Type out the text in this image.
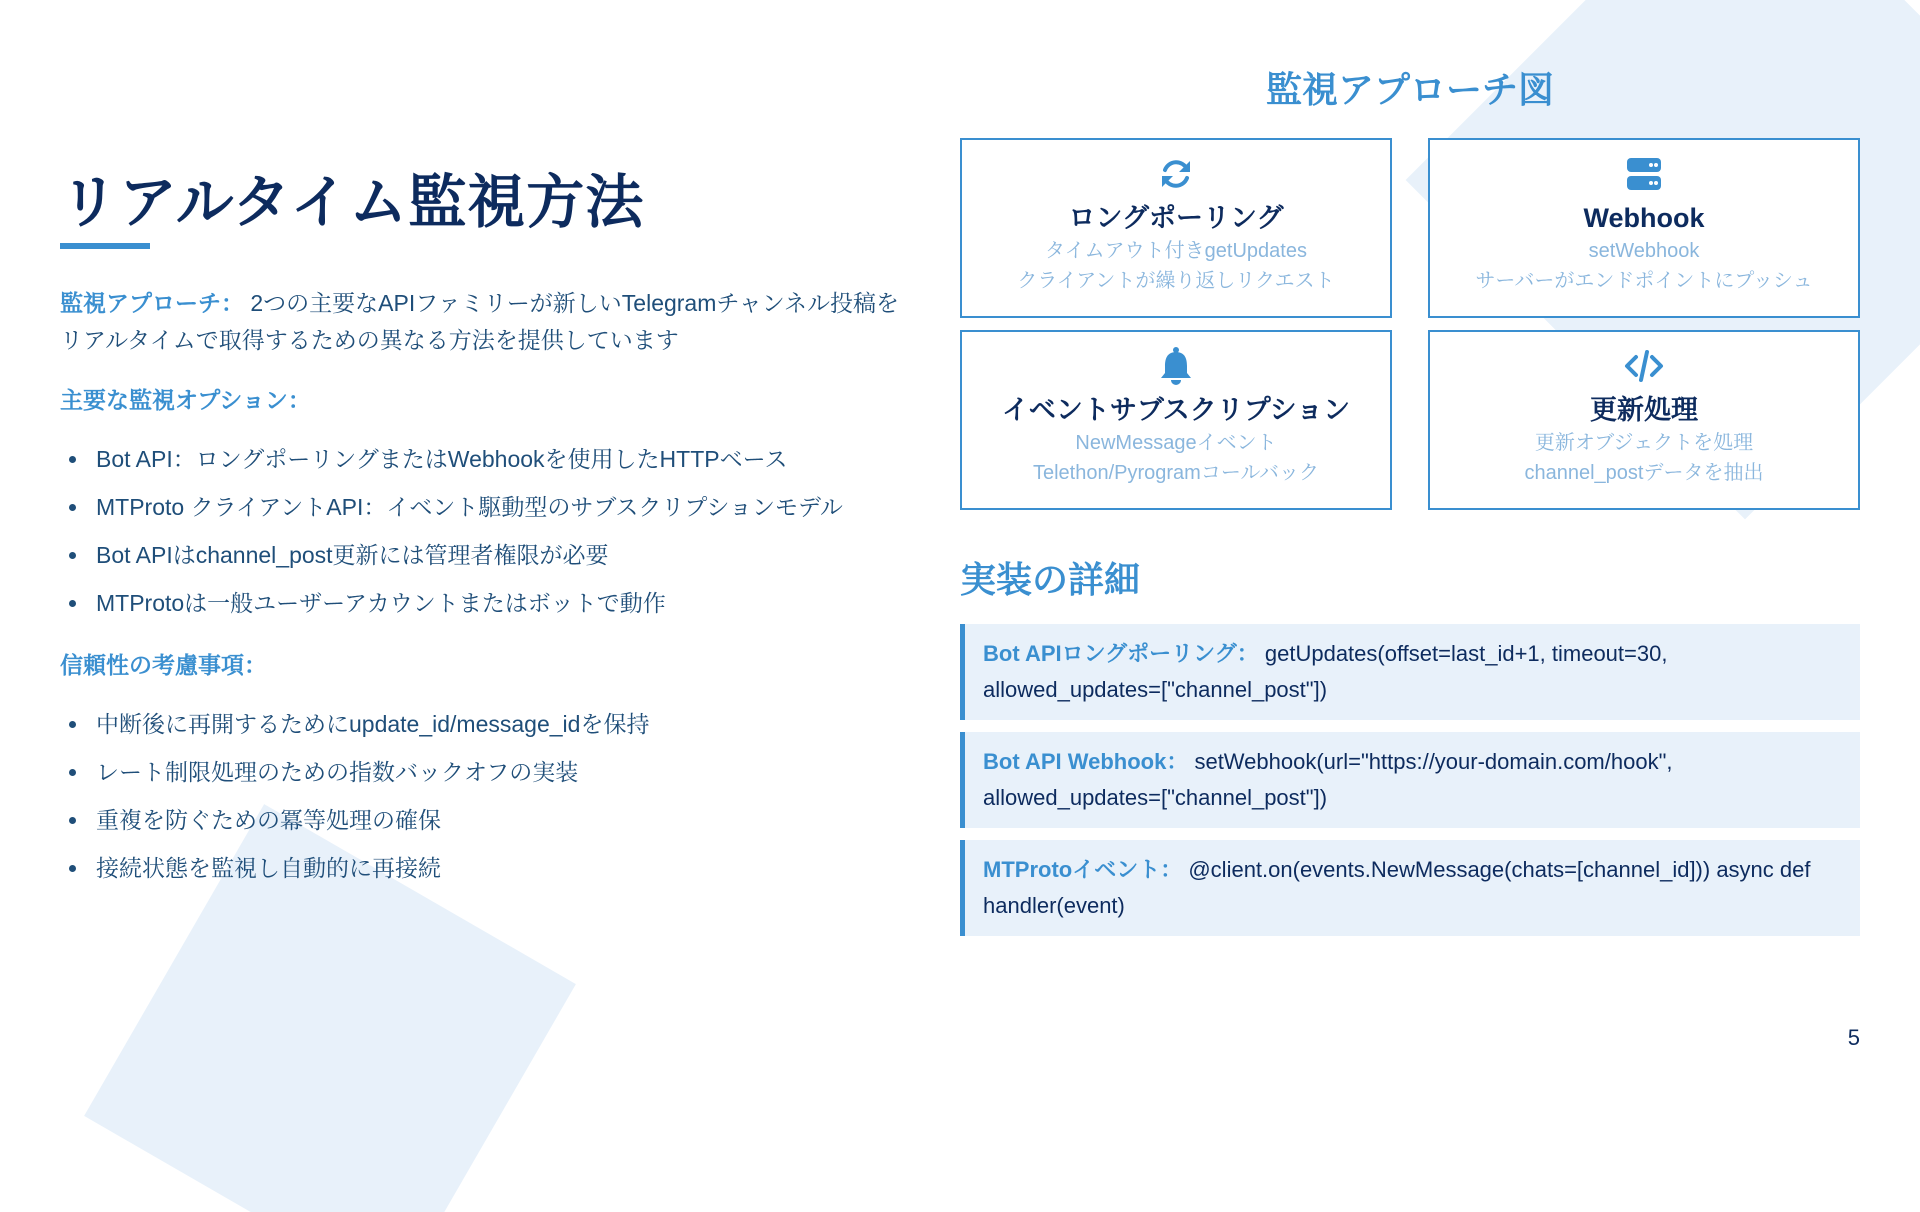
リアルタイム監視方法

監視アプローチ： 2つの主要なAPIファミリーが新しいTelegramチャンネル投稿をリアルタイムで取得するための異なる方法を提供しています

主要な監視オプション：
Bot API：ロングポーリングまたはWebhookを使用したHTTPベース
MTProto クライアントAPI：イベント駆動型のサブスクリプションモデル
Bot APIはchannel_post更新には管理者権限が必要
MTProtoは一般ユーザーアカウントまたはボットで動作
信頼性の考慮事項：
中断後に再開するためにupdate_id/message_idを保持
レート制限処理のための指数バックオフの実装
重複を防ぐための冪等処理の確保
接続状態を監視し自動的に再接続
監視アプローチ図
ロングポーリング
タイムアウト付きgetUpdates
クライアントが繰り返しリクエスト
Webhook
setWebhook
サーバーがエンドポイントにプッシュ
イベントサブスクリプション
NewMessageイベント
Telethon/Pyrogramコールバック
更新処理
更新オブジェクトを処理
channel_postデータを抽出
実装の詳細
Bot APIロングポーリング： getUpdates(offset=last_id+1, timeout=30, allowed_updates=["channel_post"])
Bot API Webhook： setWebhook(url="https://your-domain.com/hook", allowed_updates=["channel_post"])
MTProtoイベント： @client.on(events.NewMessage(chats=[channel_id])) async def handler(event)
5
